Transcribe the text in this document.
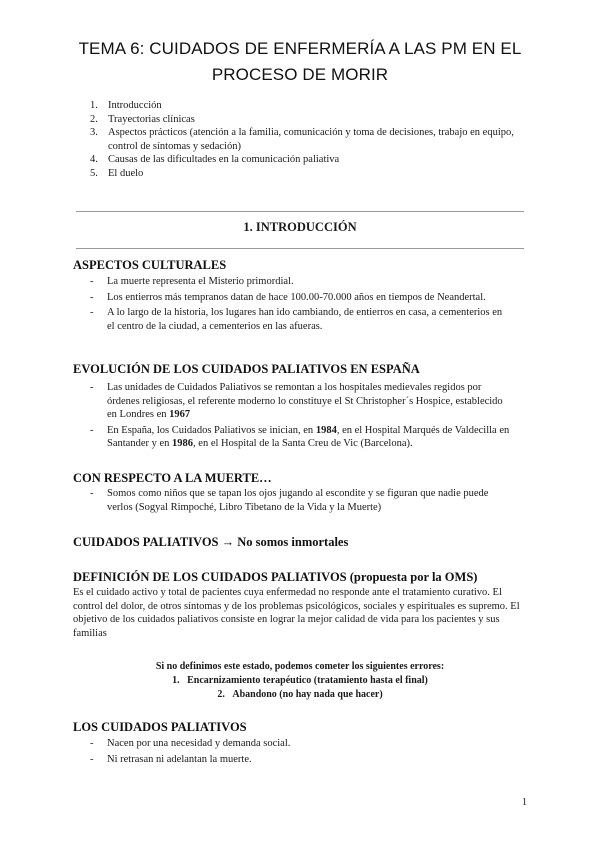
TEMA 6: CUIDADOS DE ENFERMERÍA A LAS PM EN EL
PROCESO DE MORIR
1. Introducción
2. Trayectorias clínicas
3. Aspectos prácticos (atención a la familia, comunicación y toma de decisiones, trabajo en equipo, control de síntomas y sedación)
4. Causas de las dificultades en la comunicación paliativa
5. El duelo
1. INTRODUCCIÓN
ASPECTOS CULTURALES
- La muerte representa el Misterio primordial.
- Los entierros más tempranos datan de hace 100.00-70.000 años en tiempos de Neandertal.
- A lo largo de la historia, los lugares han ido cambiando, de entierros en casa, a cementerios en el centro de la ciudad, a cementerios en las afueras.
EVOLUCIÓN DE LOS CUIDADOS PALIATIVOS EN ESPAÑA
- Las unidades de Cuidados Paliativos se remontan a los hospitales medievales regidos por órdenes religiosas, el referente moderno lo constituye el St Christopher´s Hospice, establecido en Londres en 1967
- En España, los Cuidados Paliativos se inician, en 1984, en el Hospital Marqués de Valdecilla en Santander y en 1986, en el Hospital de la Santa Creu de Vic (Barcelona).
CON RESPECTO A LA MUERTE…
- Somos como niños que se tapan los ojos jugando al escondite y se figuran que nadie puede verlos (Sogyal Rimpoché, Libro Tibetano de la Vida y la Muerte)
CUIDADOS PALIATIVOS → No somos inmortales
DEFINICIÓN DE LOS CUIDADOS PALIATIVOS (propuesta por la OMS)
Es el cuidado activo y total de pacientes cuya enfermedad no responde ante el tratamiento curativo. El control del dolor, de otros síntomas y de los problemas psicológicos, sociales y espirituales es supremo. El objetivo de los cuidados paliativos consiste en lograr la mejor calidad de vida para los pacientes y sus familias
Si no definimos este estado, podemos cometer los siguientes errores:
1. Encarnizamiento terapéutico (tratamiento hasta el final)
2. Abandono (no hay nada que hacer)
LOS CUIDADOS PALIATIVOS
- Nacen por una necesidad y demanda social.
- Ni retrasan ni adelantan la muerte.
1
